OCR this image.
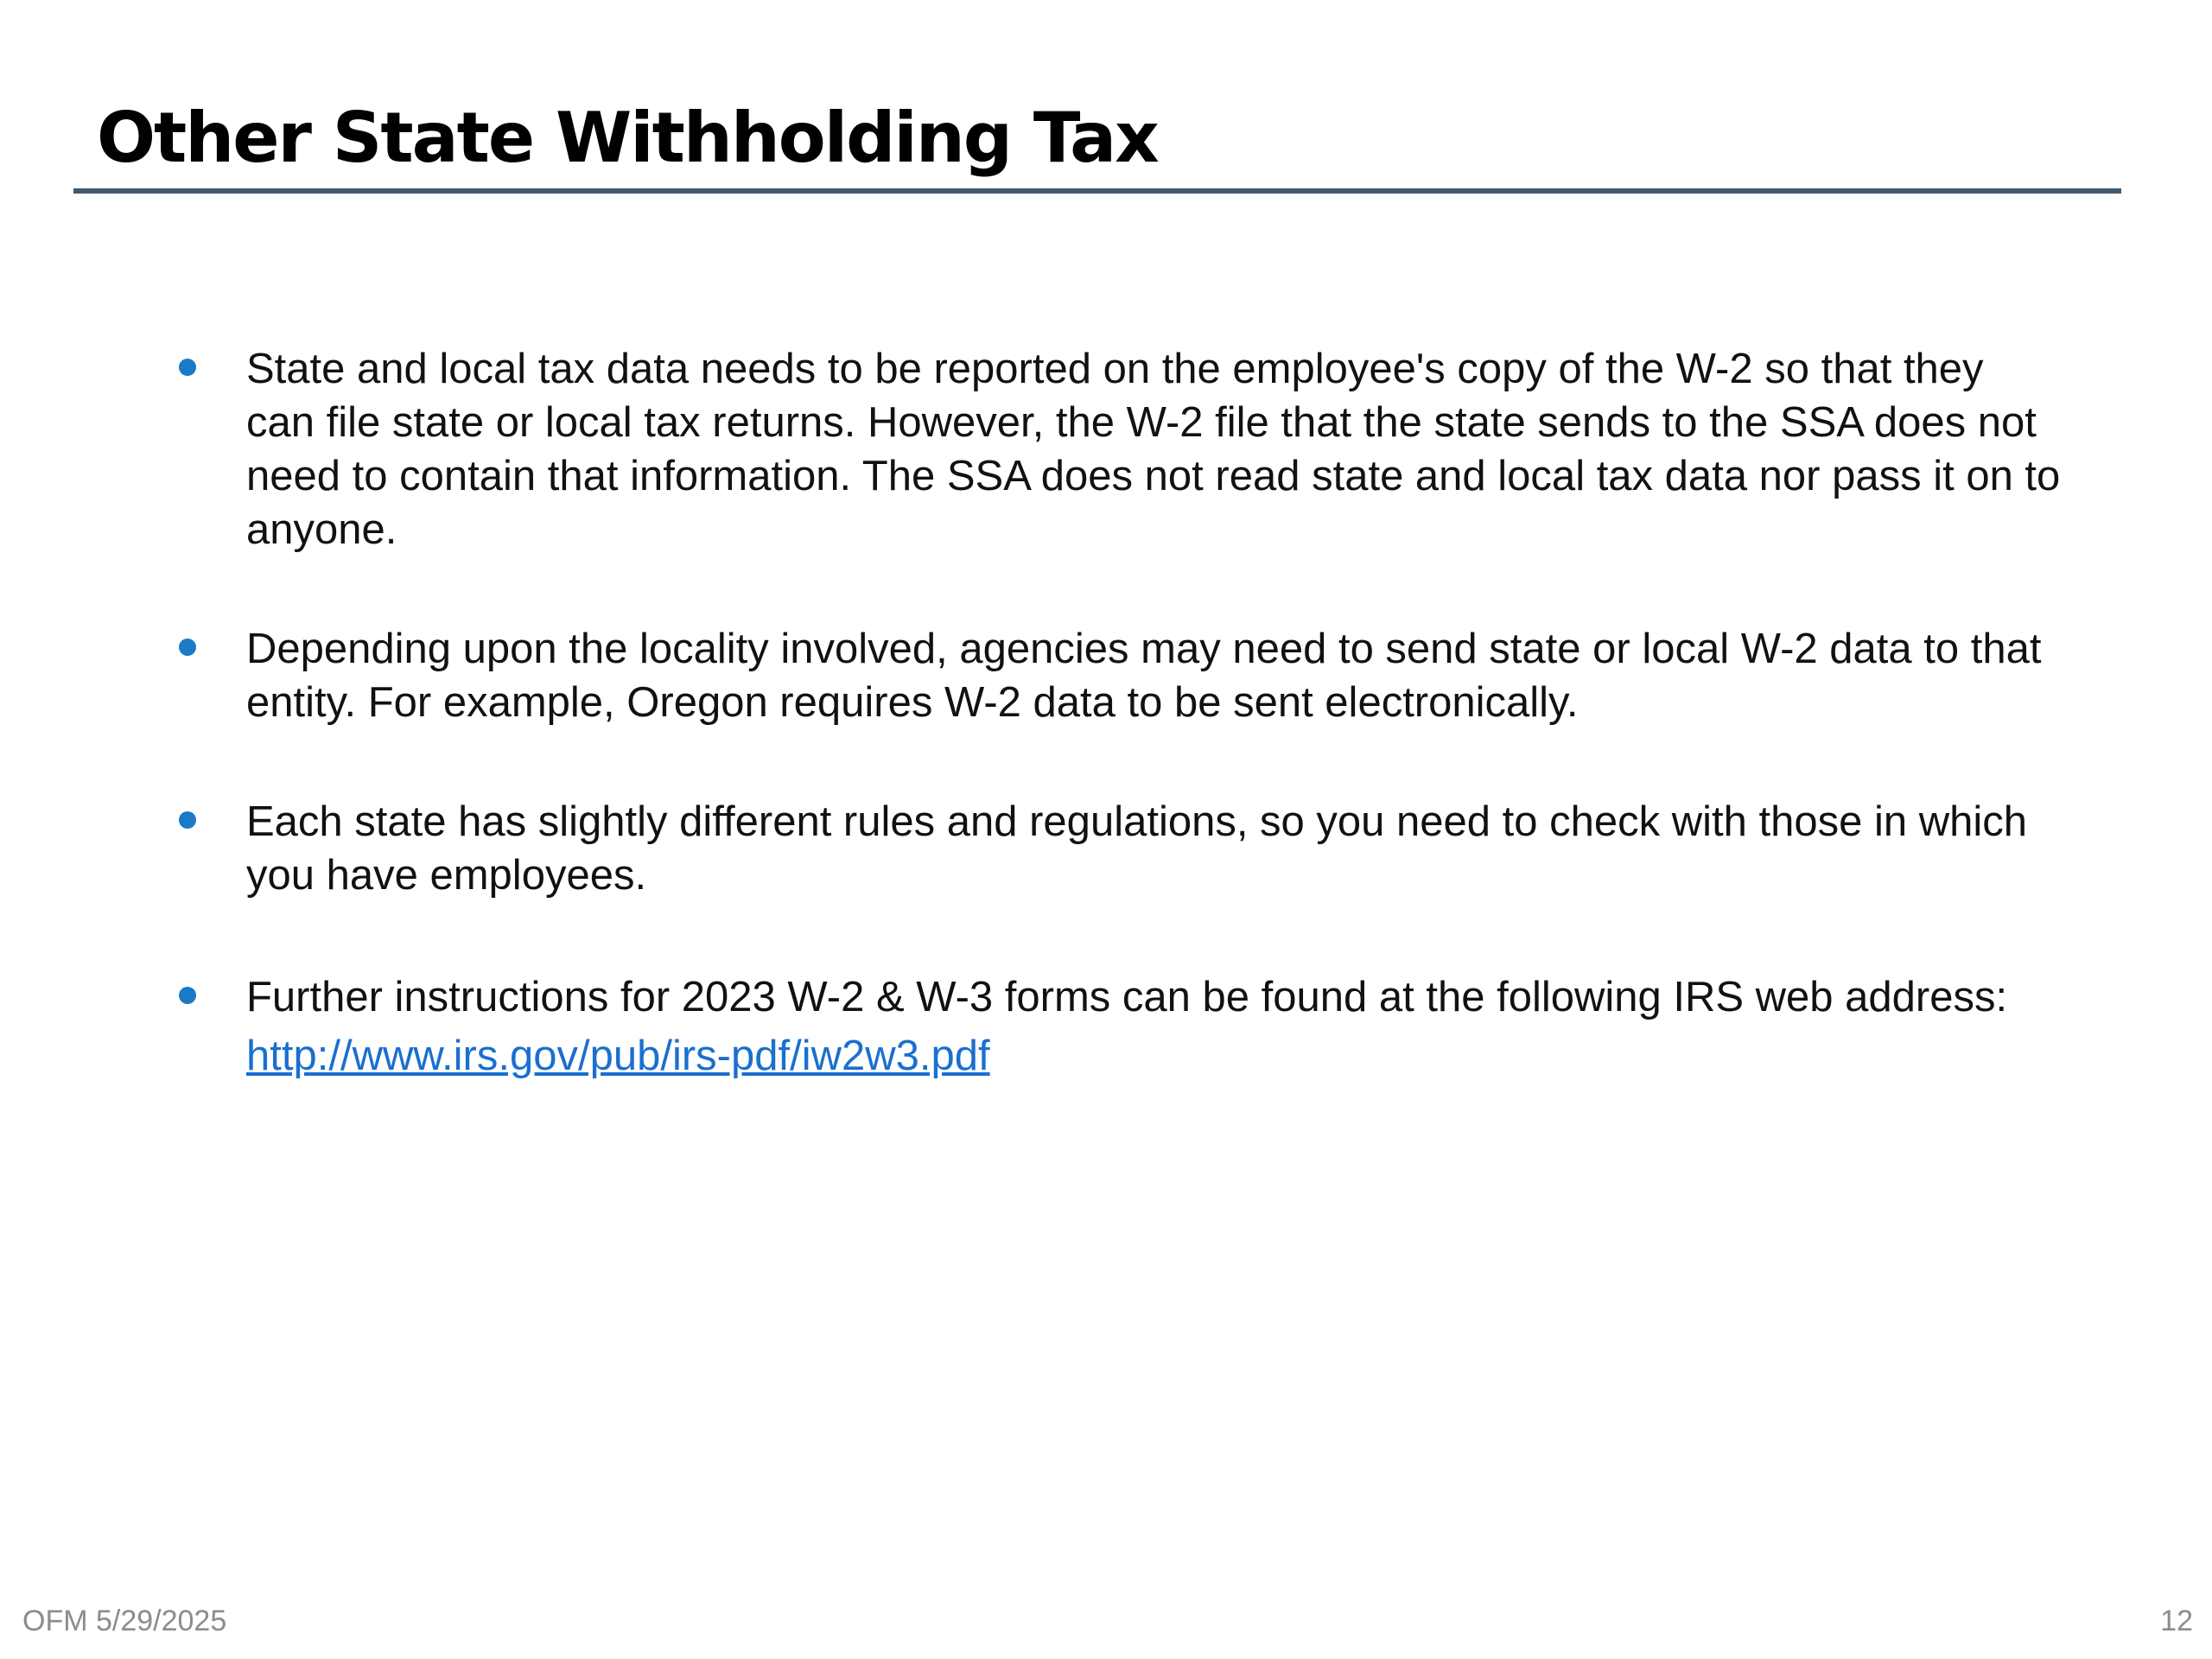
Other State Withholding Tax
State and local tax data needs to be reported on the employee's copy of the W-2 so that they can file state or local tax returns. However, the W-2 file that the state sends to the SSA does not need to contain that information. The SSA does not read state and local tax data nor pass it on to anyone.
Depending upon the locality involved, agencies may need to send state or local W-2 data to that entity. For example, Oregon requires W-2 data to be sent electronically.
Each state has slightly different rules and regulations, so you need to check with those in which you have employees.
Further instructions for 2023 W-2 & W-3 forms can be found at the following IRS web address: http://www.irs.gov/pub/irs-pdf/iw2w3.pdf
OFM 5/29/2025	12
